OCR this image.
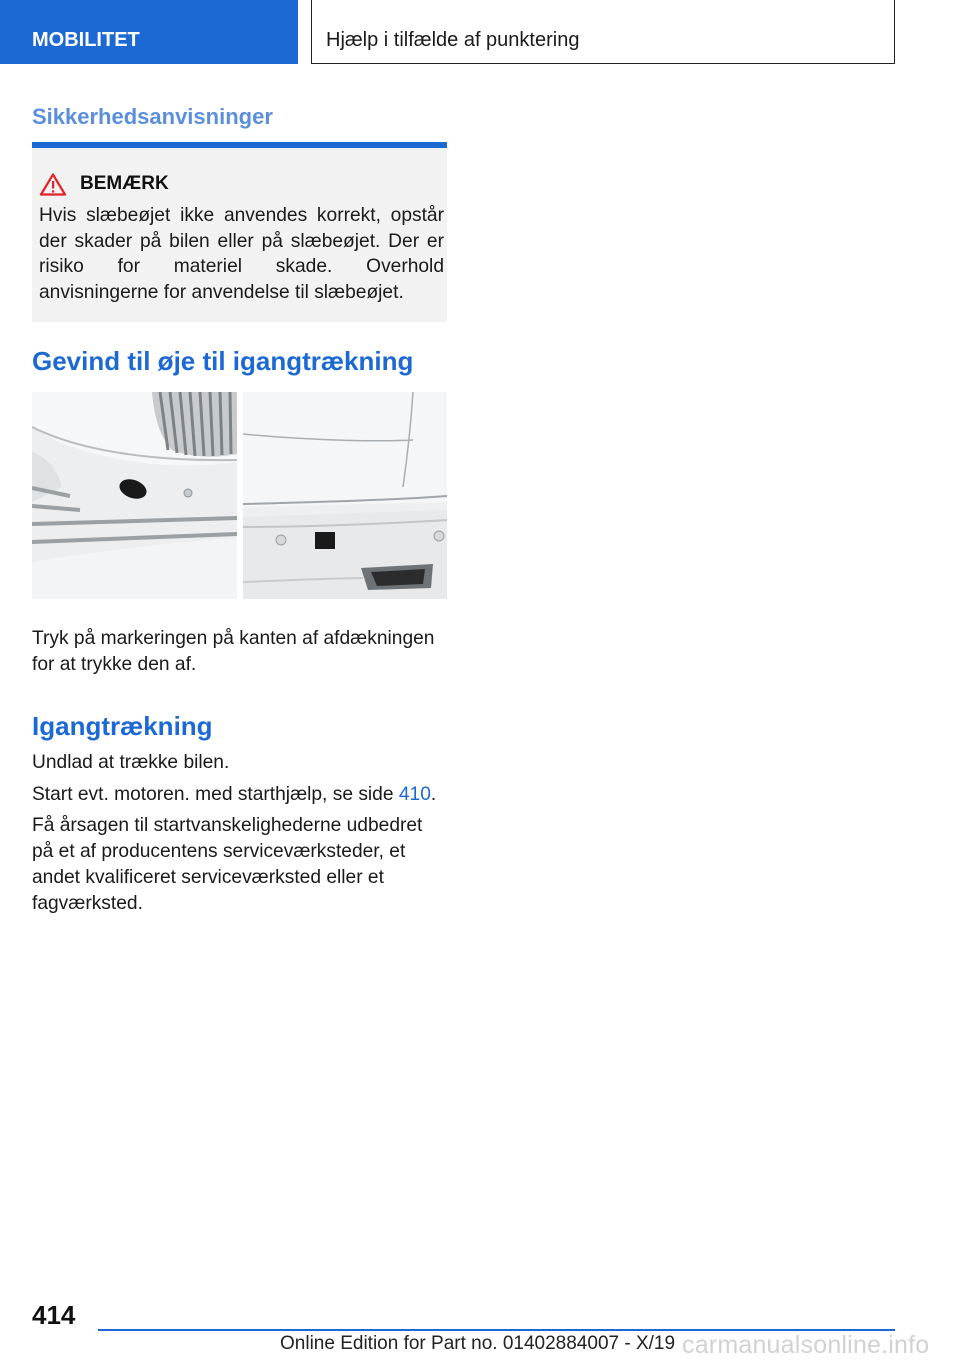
MOBILITET	Hjælp i tilfælde af punktering
Sikkerhedsanvisninger
BEMÆRK
Hvis slæbeøjet ikke anvendes korrekt, opstår der skader på bilen eller på slæbeøjet. Der er risiko for materiel skade. Overhold anvisningerne for anvendelse til slæbeøjet.
Gevind til øje til igangtrækning
Tryk på markeringen på kanten af afdækningen for at trykke den af.
Igangtrækning
Undlad at trække bilen.
Start evt. motoren. med starthjælp, se side 410.
Få årsagen til startvanskelighederne udbedret på et af producentens serviceværksteder, et andet kvalificeret serviceværksted eller et fagværksted.
414
Online Edition for Part no. 01402884007 - X/19 carmanualsonline.info
